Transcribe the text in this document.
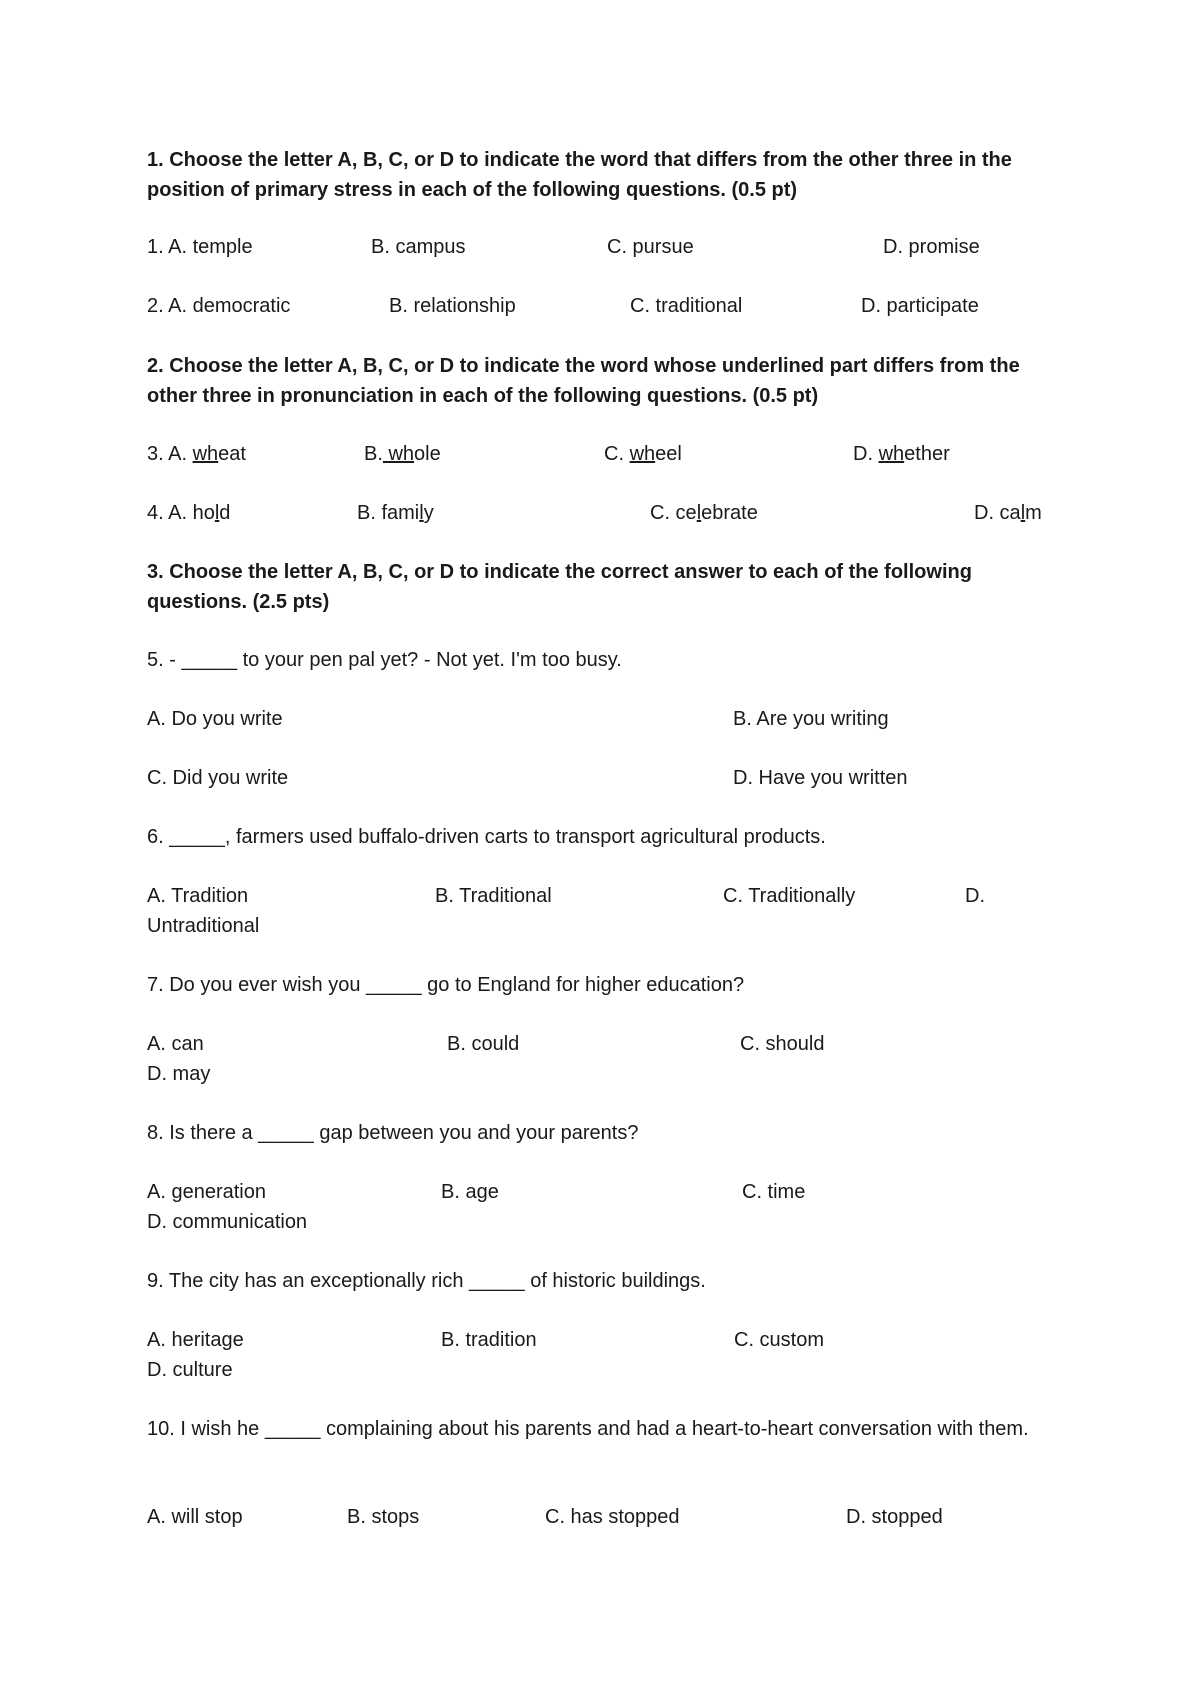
1. Choose the letter A, B, C, or D to indicate the word that differs from the other three in the position of primary stress in each of the following questions. (0.5 pt)

1. A. temple	B. campus	C. pursue	D. promise
2. A. democratic	B. relationship	C. traditional	D. participate

2. Choose the letter A, B, C, or D to indicate the word whose underlined part differs from the other three in pronunciation in each of the following questions. (0.5 pt)

3. A. wheat	B. whole	C. wheel	D. whether
4. A. hold	B. family	C. celebrate	D. calm

3. Choose the letter A, B, C, or D to indicate the correct answer to each of the following questions. (2.5 pts)

5. - _____ to your pen pal yet? - Not yet. I'm too busy.

A. Do you write	B. Are you writing
C. Did you write	D. Have you written

6. _____, farmers used buffalo-driven carts to transport agricultural products.

A. Tradition	B. Traditional	C. Traditionally	D.
Untraditional

7. Do you ever wish you _____ go to England for higher education?

A. can	B. could	C. should
D. may

8. Is there a _____ gap between you and your parents?

A. generation	B. age	C. time
D. communication

9. The city has an exceptionally rich _____ of historic buildings.

A. heritage	B. tradition	C. custom
D. culture

10. I wish he _____ complaining about his parents and had a heart-to-heart conversation with them.

A. will stop	B. stops	C. has stopped	D. stopped
